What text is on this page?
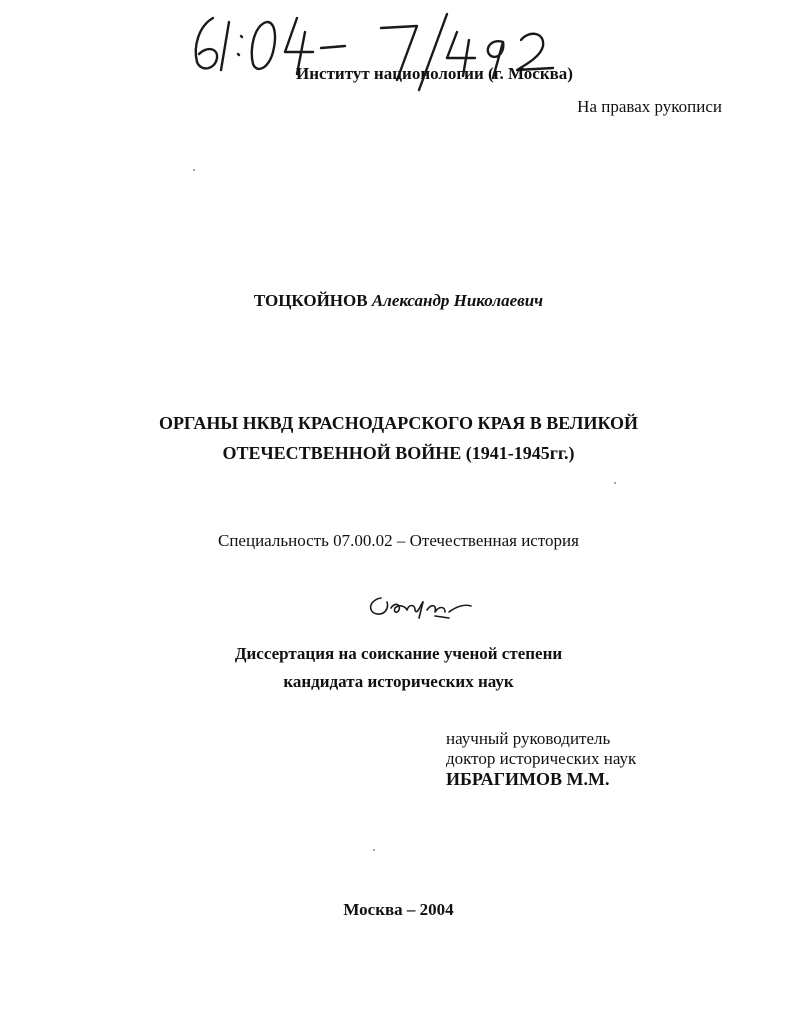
Институт национологии (г. Москва)
На правах рукописи
ТОЦКОЙНОВ Александр Николаевич
ОРГАНЫ НКВД КРАСНОДАРСКОГО КРАЯ В ВЕЛИКОЙ
ОТЕЧЕСТВЕННОЙ ВОЙНЕ (1941-1945гг.)
Специальность 07.00.02 – Отечественная история
Диссертация на соискание ученой степени
кандидата исторических наук
научный руководитель
доктор исторических наук
ИБРАГИМОВ М.М.
Москва – 2004
